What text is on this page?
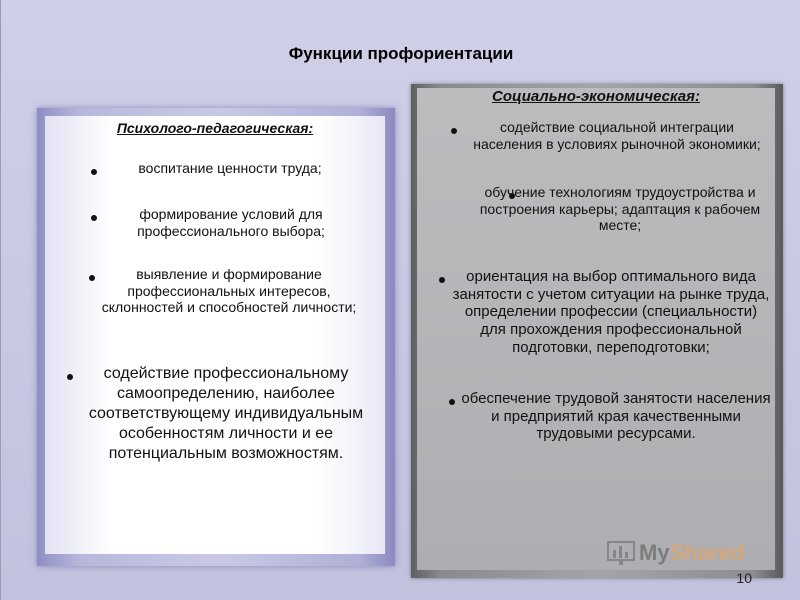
Функции профориентации
Психолого-педагогическая:
воспитание ценности труда;
формирование условий для профессионального выбора;
выявление и формирование профессиональных интересов, склонностей и способностей личности;
содействие профессиональному самоопределению, наиболее соответствующему индивидуальным особенностям личности и ее потенциальным возможностям.
Социально-экономическая:
содействие социальной интеграции населения в условиях рыночной экономики;
обучение технологиям трудоустройства и построения карьеры; адаптация к рабочем месте;
ориентация на выбор оптимального вида занятости с учетом ситуации на рынке труда, определении профессии (специальности) для прохождения профессиональной подготовки, переподготовки;
обеспечение трудовой занятости населения и предприятий края качественными трудовыми ресурсами.
MyShared
10
